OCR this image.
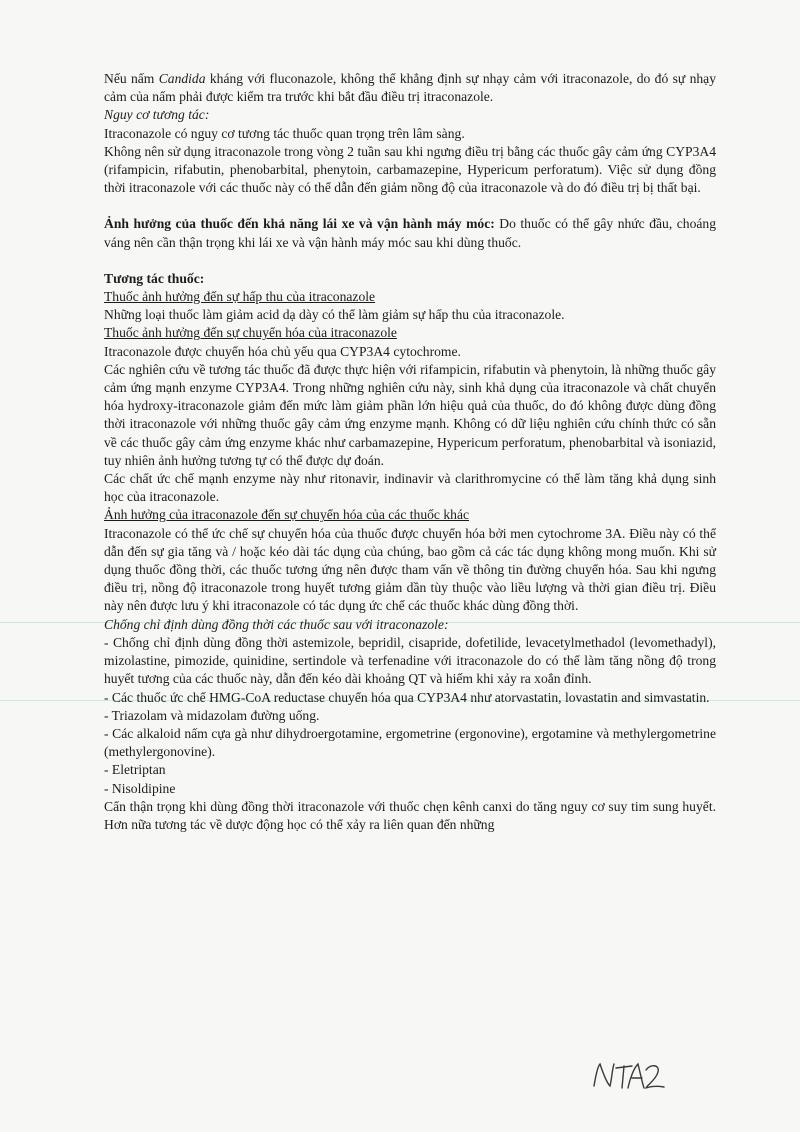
Nếu nấm Candida kháng với fluconazole, không thể khẳng định sự nhạy cảm với itraconazole, do đó sự nhạy cảm của nấm phải được kiểm tra trước khi bắt đầu điều trị itraconazole.

Nguy cơ tương tác:

Itraconazole có nguy cơ tương tác thuốc quan trọng trên lâm sàng.

Không nên sử dụng itraconazole trong vòng 2 tuần sau khi ngưng điều trị bằng các thuốc gây cảm ứng CYP3A4 (rifampicin, rifabutin, phenobarbital, phenytoin, carbamazepine, Hypericum perforatum). Việc sử dụng đồng thời itraconazole với các thuốc này có thể dẫn đến giảm nồng độ của itraconazole và do đó điều trị bị thất bại.

Ảnh hưởng của thuốc đến khả năng lái xe và vận hành máy móc: Do thuốc có thể gây nhức đầu, choáng váng nên cần thận trọng khi lái xe và vận hành máy móc sau khi dùng thuốc.

Tương tác thuốc:

Thuốc ảnh hưởng đến sự hấp thu của itraconazole

Những loại thuốc làm giảm acid dạ dày có thể làm giảm sự hấp thu của itraconazole.

Thuốc ảnh hưởng đến sự chuyển hóa của itraconazole

Itraconazole được chuyển hóa chủ yếu qua CYP3A4 cytochrome.

Các nghiên cứu về tương tác thuốc đã được thực hiện với rifampicin, rifabutin và phenytoin, là những thuốc gây cảm ứng mạnh enzyme CYP3A4. Trong những nghiên cứu này, sinh khả dụng của itraconazole và chất chuyển hóa hydroxy-itraconazole giảm đến mức làm giảm phần lớn hiệu quả của thuốc, do đó không được dùng đồng thời itraconazole với những thuốc gây cảm ứng enzyme mạnh. Không có dữ liệu nghiên cứu chính thức có sẵn về các thuốc gây cảm ứng enzyme khác như carbamazepine, Hypericum perforatum, phenobarbital và isoniazid, tuy nhiên ảnh hưởng tương tự có thể được dự đoán.

Các chất ức chế mạnh enzyme này như ritonavir, indinavir và clarithromycine có thể làm tăng khả dụng sinh học của itraconazole.

Ảnh hưởng của itraconazole đến sự chuyển hóa của các thuốc khác

Itraconazole có thể ức chế sự chuyển hóa của thuốc được chuyển hóa bởi men cytochrome 3A. Điều này có thể dẫn đến sự gia tăng và / hoặc kéo dài tác dụng của chúng, bao gồm cả các tác dụng không mong muốn. Khi sử dụng thuốc đồng thời, các thuốc tương ứng nên được tham vấn về thông tin đường chuyển hóa. Sau khi ngưng điều trị, nồng độ itraconazole trong huyết tương giảm dần tùy thuộc vào liều lượng và thời gian điều trị. Điều này nên được lưu ý khi itraconazole có tác dụng ức chế các thuốc khác dùng đồng thời.

Chống chỉ định dùng đồng thời các thuốc sau với itraconazole:

- Chống chỉ định dùng đồng thời astemizole, bepridil, cisapride, dofetilide, levacetylmethadol (levomethadyl), mizolastine, pimozide, quinidine, sertindole và terfenadine với itraconazole do có thể làm tăng nồng độ trong huyết tương của các thuốc này, dẫn đến kéo dài khoảng QT và hiếm khi xảy ra xoắn đỉnh.

- Các thuốc ức chế HMG-CoA reductase chuyển hóa qua CYP3A4 như atorvastatin, lovastatin and simvastatin.

- Triazolam và midazolam đường uống.

- Các alkaloid nấm cựa gà như dihydroergotamine, ergometrine (ergonovine), ergotamine và methylergometrine (methylergonovine).

- Eletriptan

- Nisoldipine

Cẩn thận trọng khi dùng đồng thời itraconazole với thuốc chẹn kênh canxi do tăng nguy cơ suy tim sung huyết. Hơn nữa tương tác về dược động học có thể xảy ra liên quan đến những
